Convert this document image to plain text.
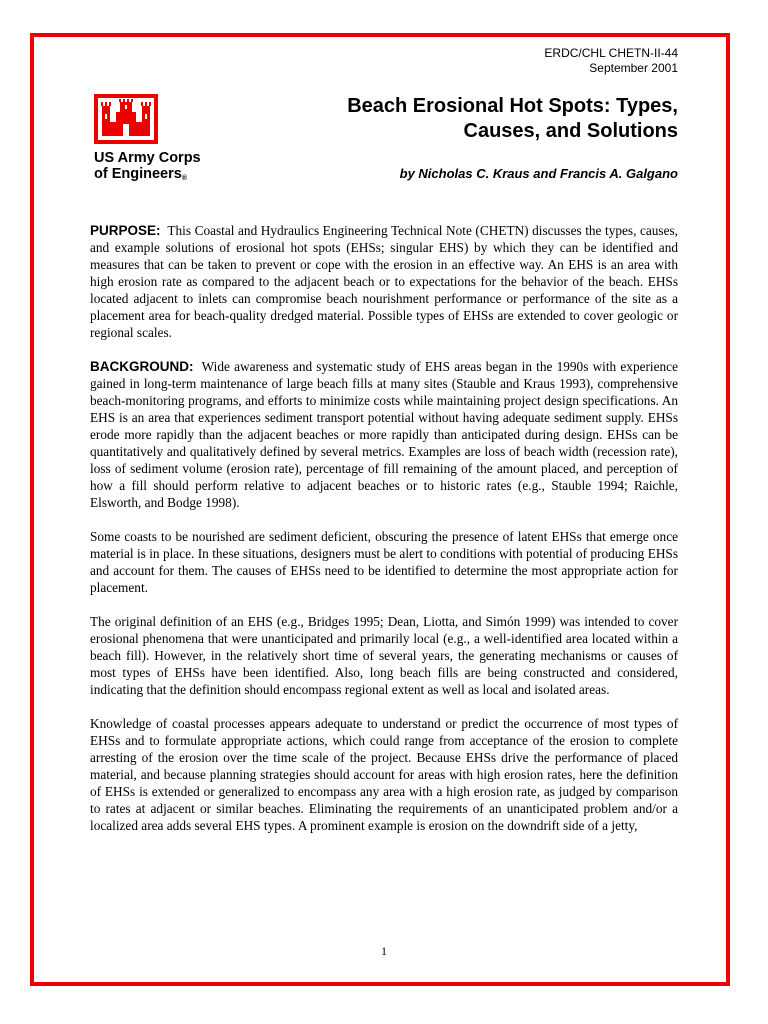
ERDC/CHL CHETN-II-44
September 2001
US Army Corps
of Engineers$_®$
Beach Erosional Hot Spots: Types,
Causes, and Solutions
by Nicholas C. Kraus and Francis A. Galgano

PURPOSE: This Coastal and Hydraulics Engineering Technical Note (CHETN) discusses the types, causes, and example solutions of erosional hot spots (EHSs; singular EHS) by which they can be identified and measures that can be taken to prevent or cope with the erosion in an effective way. An EHS is an area with high erosion rate as compared to the adjacent beach or to expectations for the behavior of the beach. EHSs located adjacent to inlets can compromise beach nourishment performance or performance of the site as a placement area for beach-quality dredged material. Possible types of EHSs are extended to cover geologic or regional scales.

BACKGROUND: Wide awareness and systematic study of EHS areas began in the 1990s with experience gained in long-term maintenance of large beach fills at many sites (Stauble and Kraus 1993), comprehensive beach-monitoring programs, and efforts to minimize costs while maintaining project design specifications. An EHS is an area that experiences sediment transport potential without having adequate sediment supply. EHSs erode more rapidly than the adjacent beaches or more rapidly than anticipated during design. EHSs can be quantitatively and qualitatively defined by several metrics. Examples are loss of beach width (recession rate), loss of sediment volume (erosion rate), percentage of fill remaining of the amount placed, and perception of how a fill should perform relative to adjacent beaches or to historic rates (e.g., Stauble 1994; Raichle, Elsworth, and Bodge 1998).

Some coasts to be nourished are sediment deficient, obscuring the presence of latent EHSs that emerge once material is in place. In these situations, designers must be alert to conditions with potential of producing EHSs and account for them. The causes of EHSs need to be identified to determine the most appropriate action for placement.

The original definition of an EHS (e.g., Bridges 1995; Dean, Liotta, and Simón 1999) was intended to cover erosional phenomena that were unanticipated and primarily local (e.g., a well-identified area located within a beach fill). However, in the relatively short time of several years, the generating mechanisms or causes of most types of EHSs have been identified. Also, long beach fills are being constructed and considered, indicating that the definition should encompass regional extent as well as local and isolated areas.

Knowledge of coastal processes appears adequate to understand or predict the occurrence of most types of EHSs and to formulate appropriate actions, which could range from acceptance of the erosion to complete arresting of the erosion over the time scale of the project. Because EHSs drive the performance of placed material, and because planning strategies should account for areas with high erosion rates, here the definition of EHSs is extended or generalized to encompass any area with a high erosion rate, as judged by comparison to rates at adjacent or similar beaches. Eliminating the requirements of an unanticipated problem and/or a localized area adds several EHS types. A prominent example is erosion on the downdrift side of a jetty,

1
